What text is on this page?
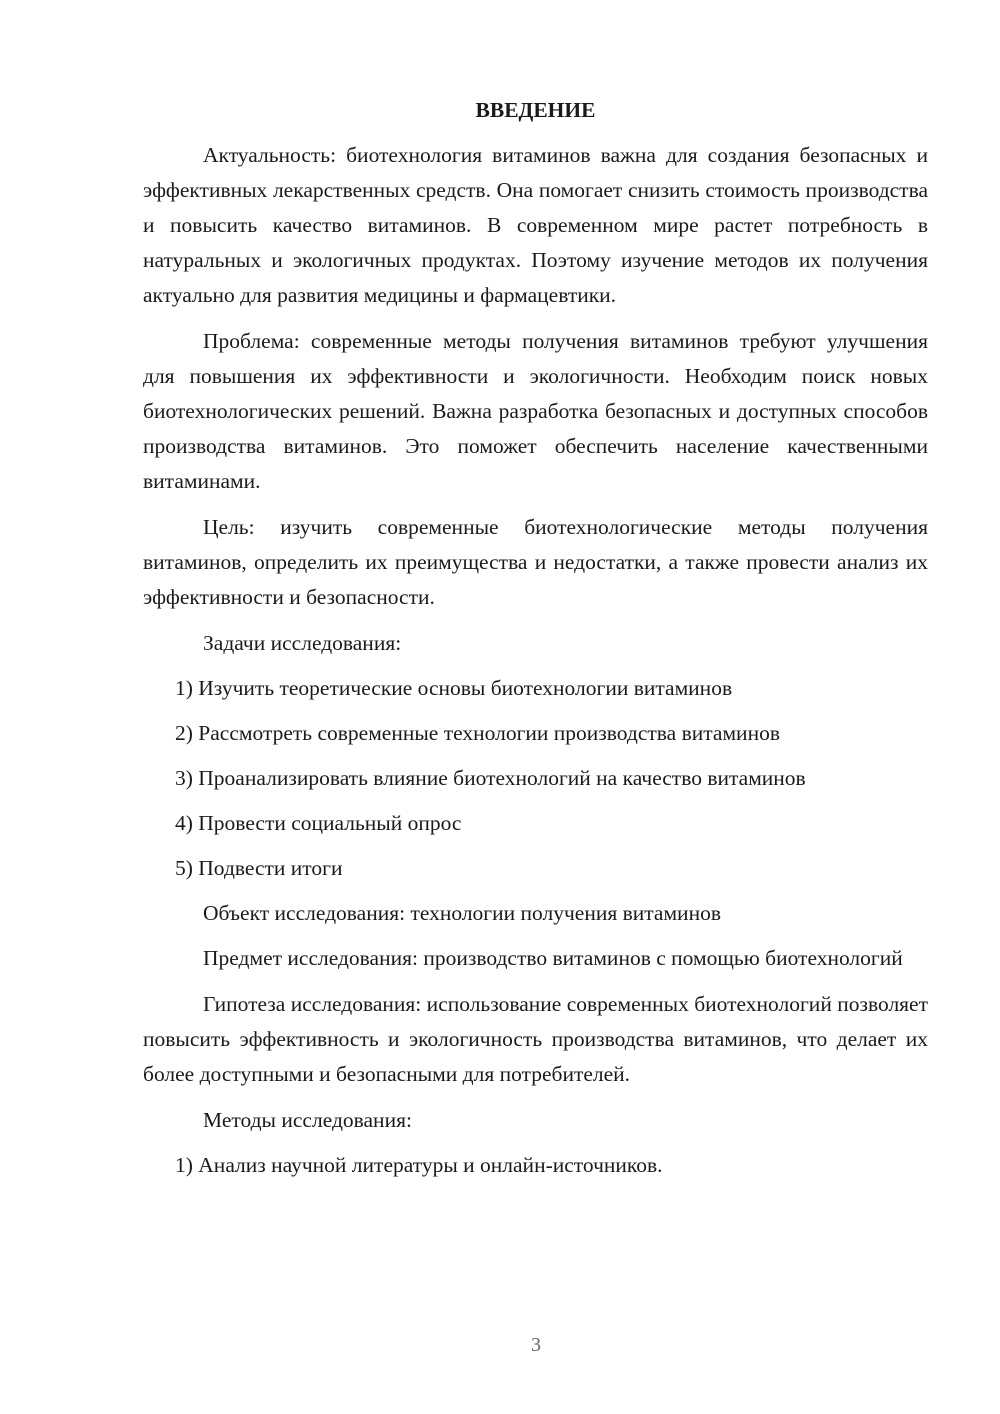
ВВЕДЕНИЕ

Актуальность: биотехнология витаминов важна для создания безопасных и эффективных лекарственных средств. Она помогает снизить стоимость производства и повысить качество витаминов. В современном мире растет потребность в натуральных и экологичных продуктах. Поэтому изучение методов их получения актуально для развития медицины и фармацевтики.

Проблема: современные методы получения витаминов требуют улучшения для повышения их эффективности и экологичности. Необходим поиск новых биотехнологических решений. Важна разработка безопасных и доступных способов производства витаминов. Это поможет обеспечить население качественными витаминами.

Цель: изучить современные биотехнологические методы получения витаминов, определить их преимущества и недостатки, а также провести анализ их эффективности и безопасности.

Задачи исследования:
1) Изучить теоретические основы биотехнологии витаминов
2) Рассмотреть современные технологии производства витаминов
3) Проанализировать влияние биотехнологий на качество витаминов
4) Провести социальный опрос
5) Подвести итоги
Объект исследования: технологии получения витаминов

Предмет исследования: производство витаминов с помощью биотехнологий

Гипотеза исследования: использование современных биотехнологий позволяет повысить эффективность и экологичность производства витаминов, что делает их более доступными и безопасными для потребителей.

Методы исследования:
1) Анализ научной литературы и онлайн-источников.
3
